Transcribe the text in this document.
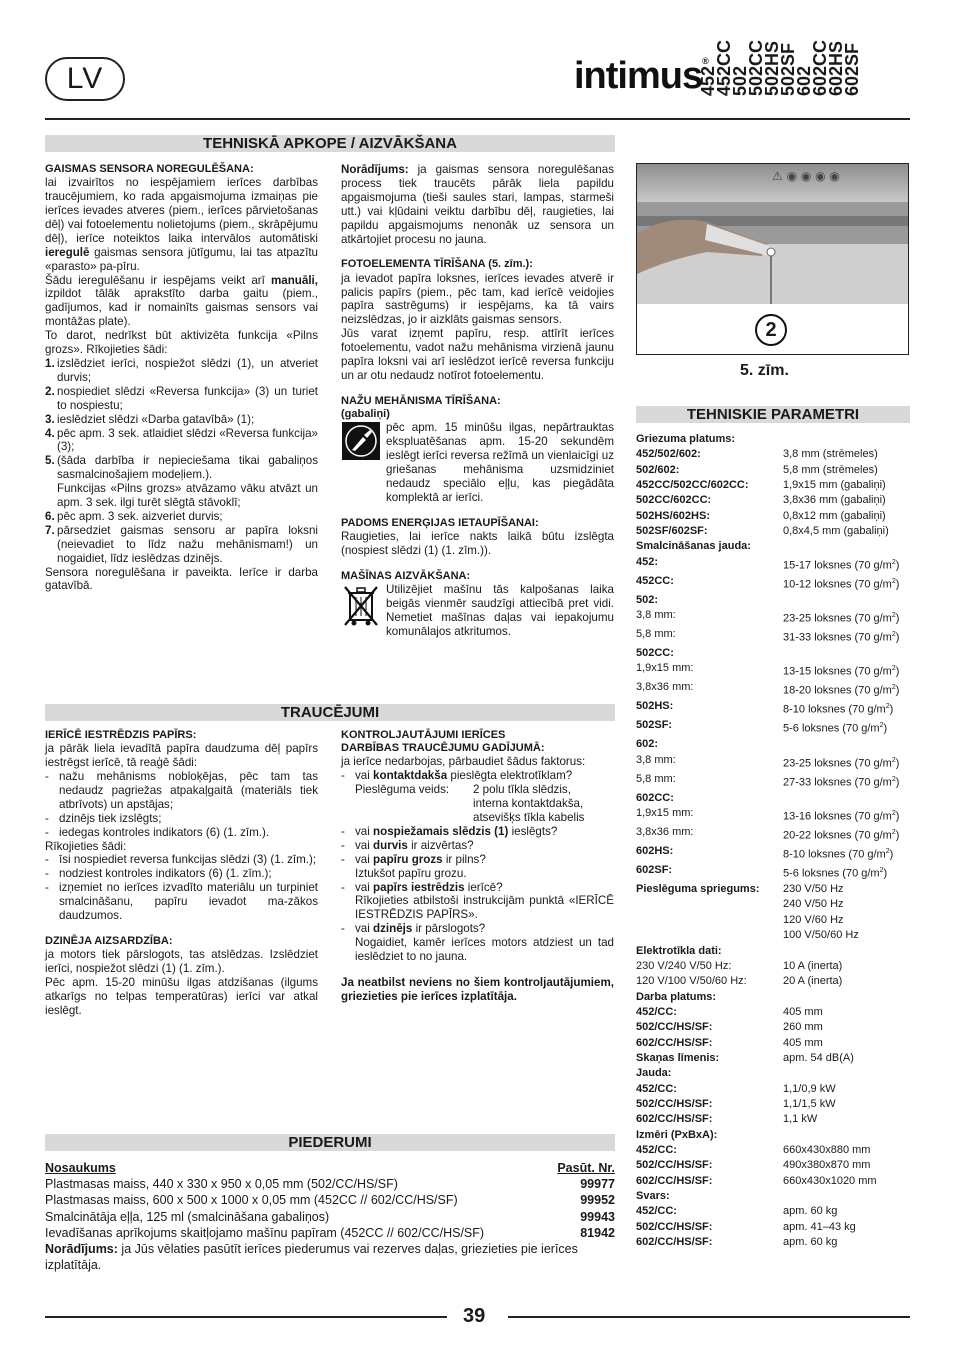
LV	intimus®
452
452CC
502
502CC
502HS
502SF
602
602CC
602HS
602SF
TEHNISKĀ APKOPE / AIZVĀKŠANA
GAISMAS SENSORA NOREGULĒŠANA:

lai izvairītos no iespējamiem ierīces darbības traucējumiem, ko rada apgaismojuma izmaiņas pie ierīces ievades atveres (piem., ierīces pārvietošanas dēļ) vai fotoelementu nolietojums (piem., skrāpējumu dēļ), ierīce noteiktos laika intervālos automātiski ieregulē gaismas sensora jūtīgumu, lai tas atpazītu «parasto» pa-pīru.

Šādu ieregulēšanu ir iespējams veikt arī manuāli, izpildot tālāk aprakstīto darba gaitu (piem., gadījumos, kad ir nomainīts gaismas sensors vai montāžas plate).

To darot, nedrīkst būt aktivizēta funkcija «Pilns grozs». Rīkojieties šādi:

1. izslēdziet ierīci, nospiežot slēdzi (1), un atveriet durvis;
2. nospiediet slēdzi «Reversa funkcija» (3) un turiet to nospiestu;
3. ieslēdziet slēdzi «Darba gatavībā» (1);
4. pēc apm. 3 sek. atlaidiet slēdzi «Reversa funkcija» (3);
5. (šāda darbība ir nepieciešama tikai gabaliņos sasmalcinošajiem modeļiem.).
Funkcijas «Pilns grozs» atvāzamo vāku atvāzt un apm. 3 sek. ilgi turēt slēgtā stāvoklī;
6. pēc apm. 3 sek. aizveriet durvis;
7. pārsedziet gaismas sensoru ar papīra loksni (neievadiet to līdz nažu mehānismam!) un nogaidiet, līdz ieslēdzas dzinējs.

Sensora noregulēšana ir paveikta. Ierīce ir darba gatavībā.

Norādījums: ja gaismas sensora noregulēšanas process tiek traucēts pārāk liela papildu apgaismojuma (tieši saules stari, lampas, starmeši utt.) vai kļūdaini veiktu darbību dēļ, raugieties, lai papildu apgaismojums nenonāk uz sensora un atkārtojiet procesu no jauna.

FOTOELEMENTA TĪRĪŠANA (5. zīm.):

ja ievadot papīra loksnes, ierīces ievades atverē ir palicis papīrs (piem., pēc tam, kad ierīcē veidojies papīra sastrēgums) ir iespējams, ka tā vairs neizslēdzas, jo ir aizklāts gaismas sensors.

Jūs varat izņemt papīru, resp. attīrīt ierīces fotoelementu, vadot nažu mehānisma virzienā jaunu papīra loksni vai arī ieslēdzot ierīcē reversa funkciju un ar otu nedaudz notīrot fotoelementu.

NAŽU MEHĀNISMA TĪRĪŠANA:
(gabaliņi)

pēc apm. 15 minūšu ilgas, nepārtrauktas ekspluatēšanas apm. 15-20 sekundēm ieslēgt ierīci reversa režīmā un vienlaicīgi uz griešanas mehānisma uzsmidziniet nedaudz speciālo eļļu, kas piegādāta komplektā ar ierīci.

PADOMS ENERĢIJAS IETAUPĪŠANAI:

Raugieties, lai ierīce nakts laikā būtu izslēgta (nospiest slēdzi (1) (1. zīm.)).

MAŠĪNAS AIZVĀKŠANA:

Utilizējiet mašīnu tās kalpošanas laika beigās vienmēr saudzīgi attiecībā pret vidi. Nemetiet mašīnas daļas vai iepakojumu komunālajos atkritumos.

⚠ ◉ ◉ ◉ ◉
2
5. zīm.
TEHNISKIE PARAMETRI
Griezuma platums:
452/502/602:	3,8 mm (strēmeles)
502/602:	5,8 mm (strēmeles)
452CC/502CC/602CC:	1,9x15 mm (gabaliņi)
502CC/602CC:	3,8x36 mm (gabaliņi)
502HS/602HS:	0,8x12 mm (gabaliņi)
502SF/602SF:	0,8x4,5 mm (gabaliņi)
Smalcināšanas jauda:
452:	15-17 loksnes (70 $g/m^2$)
452CC:	10-12 loksnes (70 $g/m^2$)
502:
3,8 mm:	23-25 loksnes (70 $g/m^2$)
5,8 mm:	31-33 loksnes (70 $g/m^2$)
502CC:
1,9x15 mm:	13-15 loksnes (70 $g/m^2$)
3,8x36 mm:	18-20 loksnes (70 $g/m^2$)
502HS:	8-10 loksnes (70 $g/m^2$)
502SF:	5-6 loksnes (70 $g/m^2$)
602:
3,8 mm:	23-25 loksnes (70 $g/m^2$)
5,8 mm:	27-33 loksnes (70 $g/m^2$)
602CC:
1,9x15 mm:	13-16 loksnes (70 $g/m^2$)
3,8x36 mm:	20-22 loksnes (70 $g/m^2$)
602HS:	8-10 loksnes (70 $g/m^2$)
602SF:	5-6 loksnes (70 $g/m^2$)
Pieslēguma spriegums:	230 V/50 Hz
240 V/50 Hz
120 V/60 Hz
100 V/50/60 Hz
Elektrotīkla dati:
230 V/240 V/50 Hz:	10 A (inerta)
120 V/100 V/50/60 Hz:	20 A (inerta)
Darba platums:
452/CC:	405 mm
502/CC/HS/SF:	260 mm
602/CC/HS/SF:	405 mm
Skaņas līmenis:	apm. 54 dB(A)
Jauda:
452/CC:	1,1/0,9 kW
502/CC/HS/SF:	1,1/1,5 kW
602/CC/HS/SF:	1,1 kW
Izmēri (PxBxA):
452/CC:	660x430x880 mm
502/CC/HS/SF:	490x380x870 mm
602/CC/HS/SF:	660x430x1020 mm
Svars:
452/CC:	apm. 60 kg
502/CC/HS/SF:	apm. 41–43 kg
602/CC/HS/SF:	apm. 60 kg
TRAUCĒJUMI
IERĪCĒ IESTRĒDZIS PAPĪRS:

ja pārāk liela ievadītā papīra daudzuma dēļ papīrs iestrēgst ierīcē, tā reaģē šādi:

- nažu mehānisms nobloķējas, pēc tam tas nedaudz pagriežas atpakaļgaitā (materiāls tiek atbrīvots) un apstājas;
- dzinējs tiek izslēgts;
- iedegas kontroles indikators (6) (1. zīm.).

Rīkojieties šādi:

- īsi nospiediet reversa funkcijas slēdzi (3) (1. zīm.);
- nodziest kontroles indikators (6) (1. zīm.);
- izņemiet no ierīces izvadīto materiālu un turpiniet smalcināšanu, papīru ievadot ma-zākos daudzumos.
DZINĒJA AIZSARDZĪBA:

ja motors tiek pārslogots, tas atslēdzas. Izslēdziet ierīci, nospiežot slēdzi (1) (1. zīm.).

Pēc apm. 15-20 minūšu ilgas atdzišanas (ilgums atkarīgs no telpas temperatūras) ierīci var atkal ieslēgt.

KONTROLJAUTĀJUMI IERĪCES
DARBĪBAS TRAUCĒJUMU GADĪJUMĀ:

ja ierīce nedarbojas, pārbaudiet šādus faktorus:

- vai kontaktdakša pieslēgta elektrotīklam?
Pieslēguma veids:	2 polu tīkla slēdzis,
interna kontaktdakša,
atsevišķs tīkla kabelis
- vai nospiežamais slēdzis (1) ieslēgts?
- vai durvis ir aizvērtas?
- vai papīru grozs ir pilns?

Iztukšot papīru grozu.

- vai papīrs iestrēdzis ierīcē?

Rīkojieties atbilstoši instrukcijām punktā «IERĪCĒ IESTRĒDZIS PAPĪRS».

- vai dzinējs ir pārslogots?

Nogaidiet, kamēr ierīces motors atdziest un tad ieslēdziet to no jauna.

Ja neatbilst neviens no šiem kontroljautājumiem, griezieties pie ierīces izplatītāja.

PIEDERUMI
Nosaukums	Pasūt. Nr.
Plastmasas maiss, 440 x 330 x 950 x 0,05 mm (502/CC/HS/SF)	99977
Plastmasas maiss, 600 x 500 x 1000 x 0,05 mm (452CC // 602/CC/HS/SF)	99952
Smalcinātāja eļļa, 125 ml (smalcināšana gabaliņos)	99943
Ievadīšanas aprīkojums skaitļojamo mašīnu papīram (452CC // 602/CC/HS/SF)	81942

Norādījums: ja Jūs vēlaties pasūtīt ierīces piederumus vai rezerves daļas, griezieties pie ierīces izplatītāja.

39
